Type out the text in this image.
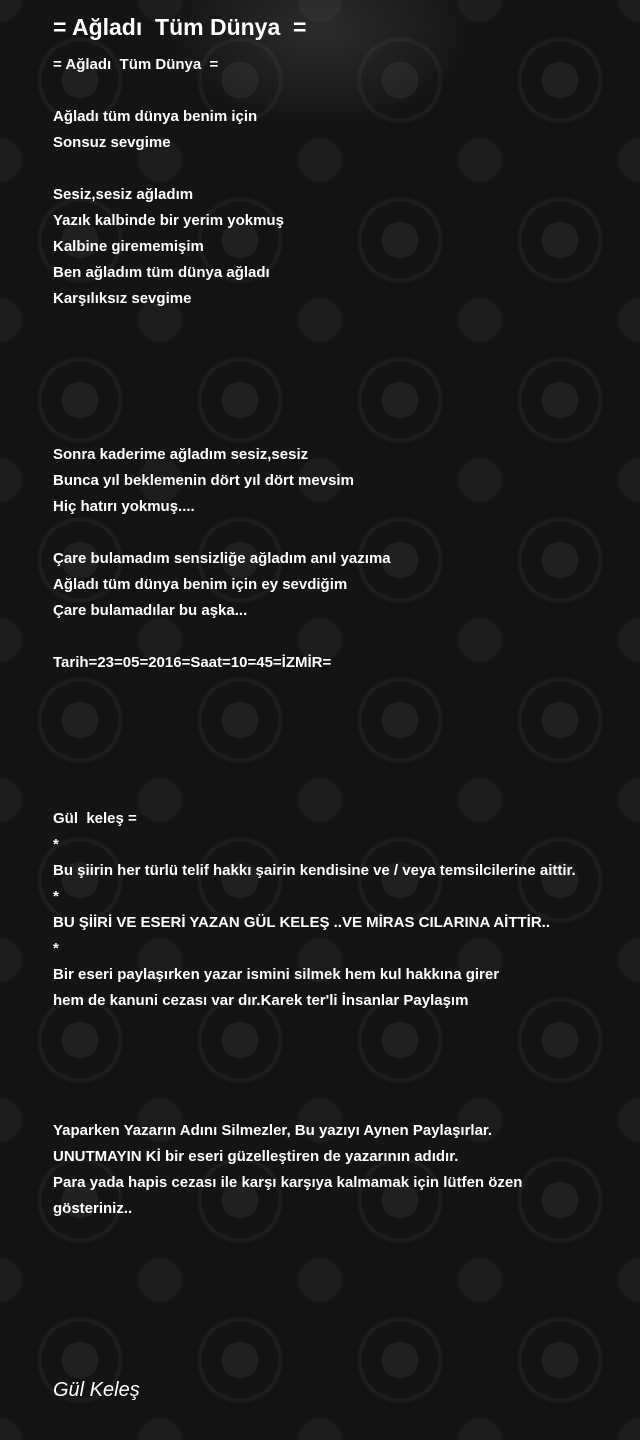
= Ağladı  Tüm Dünya  =
= Ağladı  Tüm Dünya  =
Ağladı tüm dünya benim için
Sonsuz sevgime
Sesiz,sesiz ağladım
Yazık kalbinde bir yerim yokmuş
Kalbine girememişim
Ben ağladım tüm dünya ağladı
Karşılıksız sevgime
Sonra kaderime ağladım sesiz,sesiz
Bunca yıl beklemenin dört yıl dört mevsim
Hiç hatırı yokmuş....
Çare bulamadım sensizliğe ağladım anıl yazıma
Ağladı tüm dünya benim için ey sevdiğim
Çare bulamadılar bu aşka...
Tarih=23=05=2016=Saat=10=45=İZMİR=
Gül  keleş =
*
Bu şiirin her türlü telif hakkı şairin kendisine ve / veya temsilcilerine aittir.
*
BU ŞİİRİ VE ESERİ YAZAN GÜL KELEŞ ..VE MİRAS CILARINA AİTTİR..
*
Bir eseri paylaşırken yazar ismini silmek hem kul hakkına girer
hem de kanuni cezası var dır.Karek ter'li İnsanlar Paylaşım
Yaparken Yazarın Adını Silmezler, Bu yazıyı Aynen Paylaşırlar.
UNUTMAYIN Kİ bir eseri güzelleştiren de yazarının adıdır.
Para yada hapis cezası ile karşı karşıya kalmamak için lütfen özen gösteriniz..

Gül Keleş
